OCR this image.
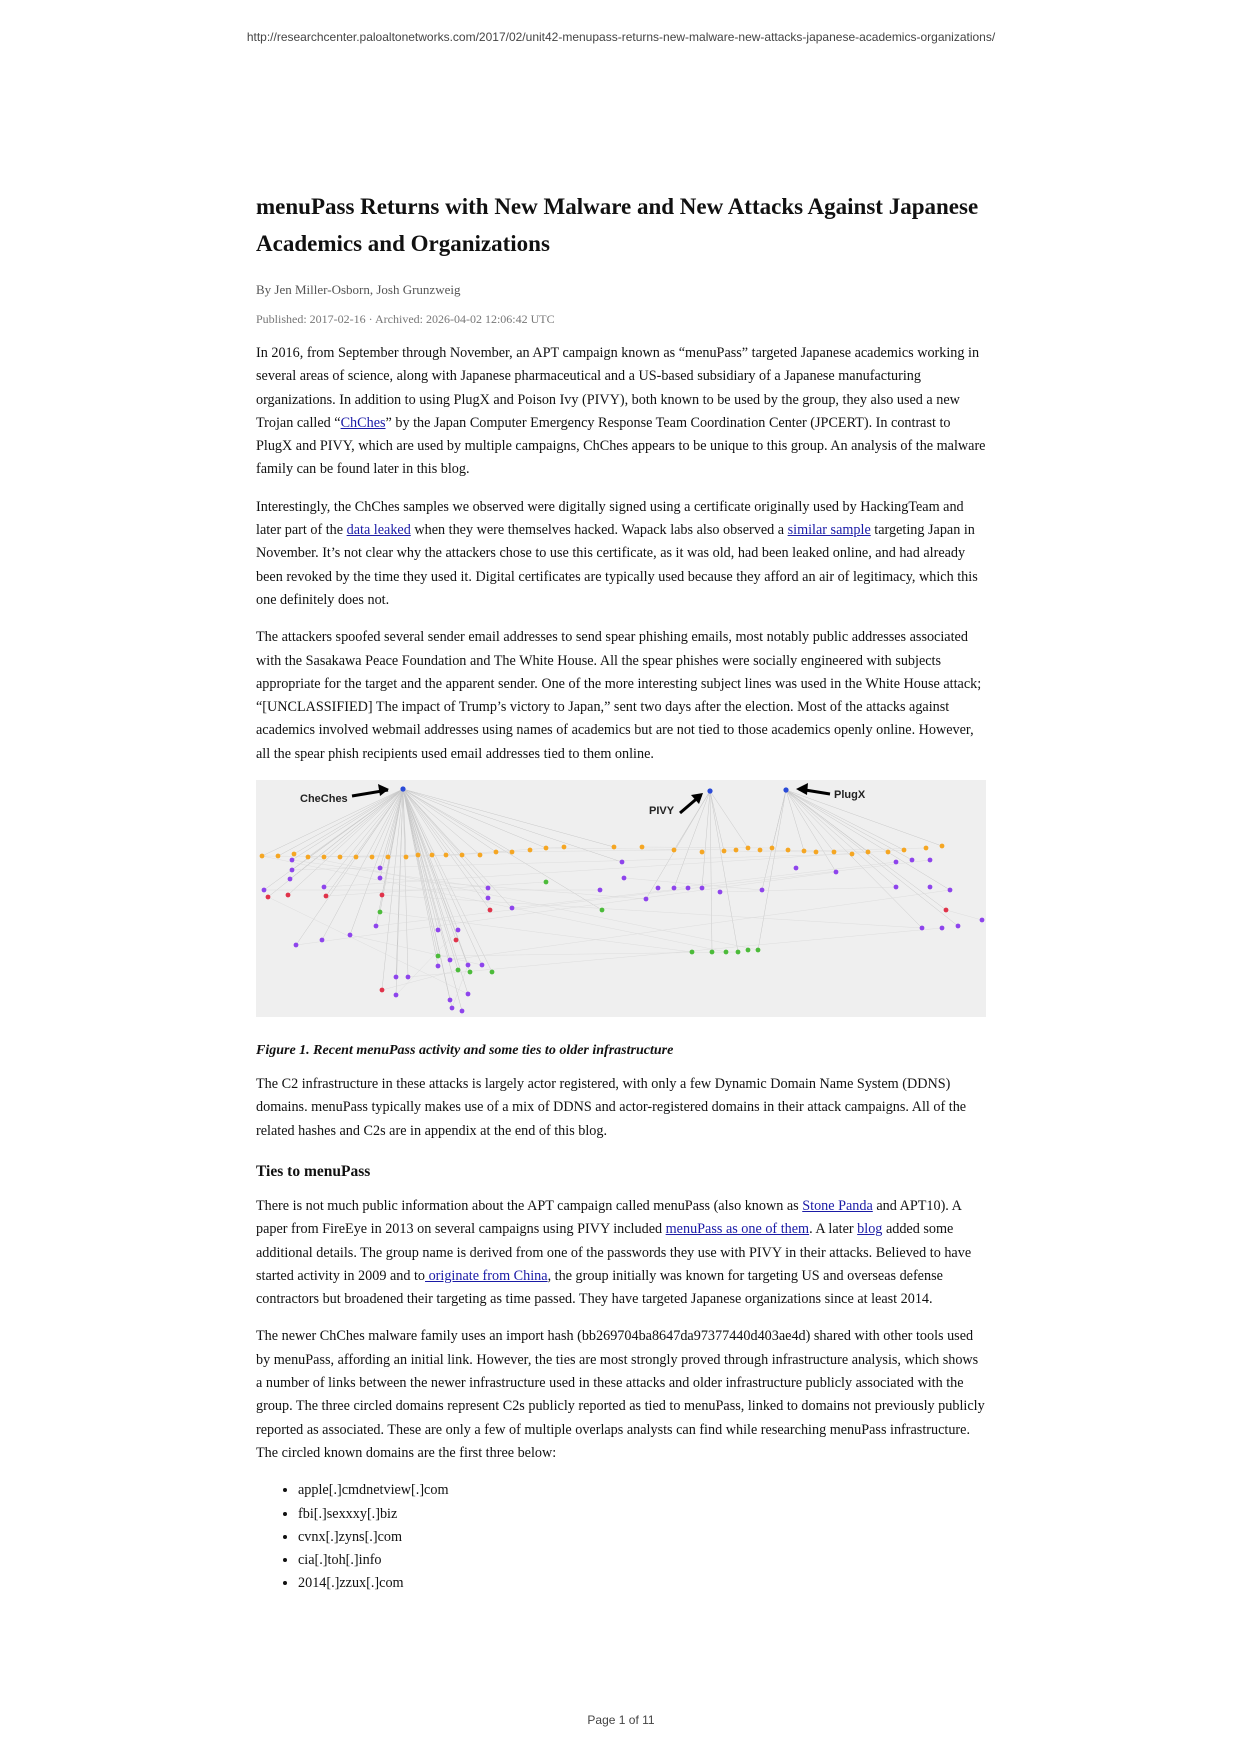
http://researchcenter.paloaltonetworks.com/2017/02/unit42-menupass-returns-new-malware-new-attacks-japanese-academics-organizations/
menuPass Returns with New Malware and New Attacks Against Japanese Academics and Organizations
By Jen Miller-Osborn, Josh Grunzweig
Published: 2017-02-16 · Archived: 2026-04-02 12:06:42 UTC

In 2016, from September through November, an APT campaign known as “menuPass” targeted Japanese academics working in several areas of science, along with Japanese pharmaceutical and a US-based subsidiary of a Japanese manufacturing organizations. In addition to using PlugX and Poison Ivy (PIVY), both known to be used by the group, they also used a new Trojan called “ChChes” by the Japan Computer Emergency Response Team Coordination Center (JPCERT). In contrast to PlugX and PIVY, which are used by multiple campaigns, ChChes appears to be unique to this group. An analysis of the malware family can be found later in this blog.

Interestingly, the ChChes samples we observed were digitally signed using a certificate originally used by HackingTeam and later part of the data leaked when they were themselves hacked. Wapack labs also observed a similar sample targeting Japan in November. It’s not clear why the attackers chose to use this certificate, as it was old, had been leaked online, and had already been revoked by the time they used it. Digital certificates are typically used because they afford an air of legitimacy, which this one definitely does not.

The attackers spoofed several sender email addresses to send spear phishing emails, most notably public addresses associated with the Sasakawa Peace Foundation and The White House. All the spear phishes were socially engineered with subjects appropriate for the target and the apparent sender. One of the more interesting subject lines was used in the White House attack; “[UNCLASSIFIED] The impact of Trump’s victory to Japan,” sent two days after the election. Most of the attacks against academics involved webmail addresses using names of academics but are not tied to those academics openly online. However, all the spear phish recipients used email addresses tied to them online.

CheChes
PIVY
PlugX
Figure 1. Recent menuPass activity and some ties to older infrastructure

The C2 infrastructure in these attacks is largely actor registered, with only a few Dynamic Domain Name System (DDNS) domains. menuPass typically makes use of a mix of DDNS and actor-registered domains in their attack campaigns. All of the related hashes and C2s are in appendix at the end of this blog.

Ties to menuPass

There is not much public information about the APT campaign called menuPass (also known as Stone Panda and APT10). A paper from FireEye in 2013 on several campaigns using PIVY included menuPass as one of them. A later blog added some additional details. The group name is derived from one of the passwords they use with PIVY in their attacks. Believed to have started activity in 2009 and to originate from China, the group initially was known for targeting US and overseas defense contractors but broadened their targeting as time passed. They have targeted Japanese organizations since at least 2014.

The newer ChChes malware family uses an import hash (bb269704ba8647da97377440d403ae4d) shared with other tools used by menuPass, affording an initial link. However, the ties are most strongly proved through infrastructure analysis, which shows a number of links between the newer infrastructure used in these attacks and older infrastructure publicly associated with the group. The three circled domains represent C2s publicly reported as tied to menuPass, linked to domains not previously publicly reported as associated. These are only a few of multiple overlaps analysts can find while researching menuPass infrastructure. The circled known domains are the first three below:

• apple[.]cmdnetview[.]com
• fbi[.]sexxxy[.]biz
• cvnx[.]zyns[.]com
• cia[.]toh[.]info
• 2014[.]zzux[.]com
Page 1 of 11
